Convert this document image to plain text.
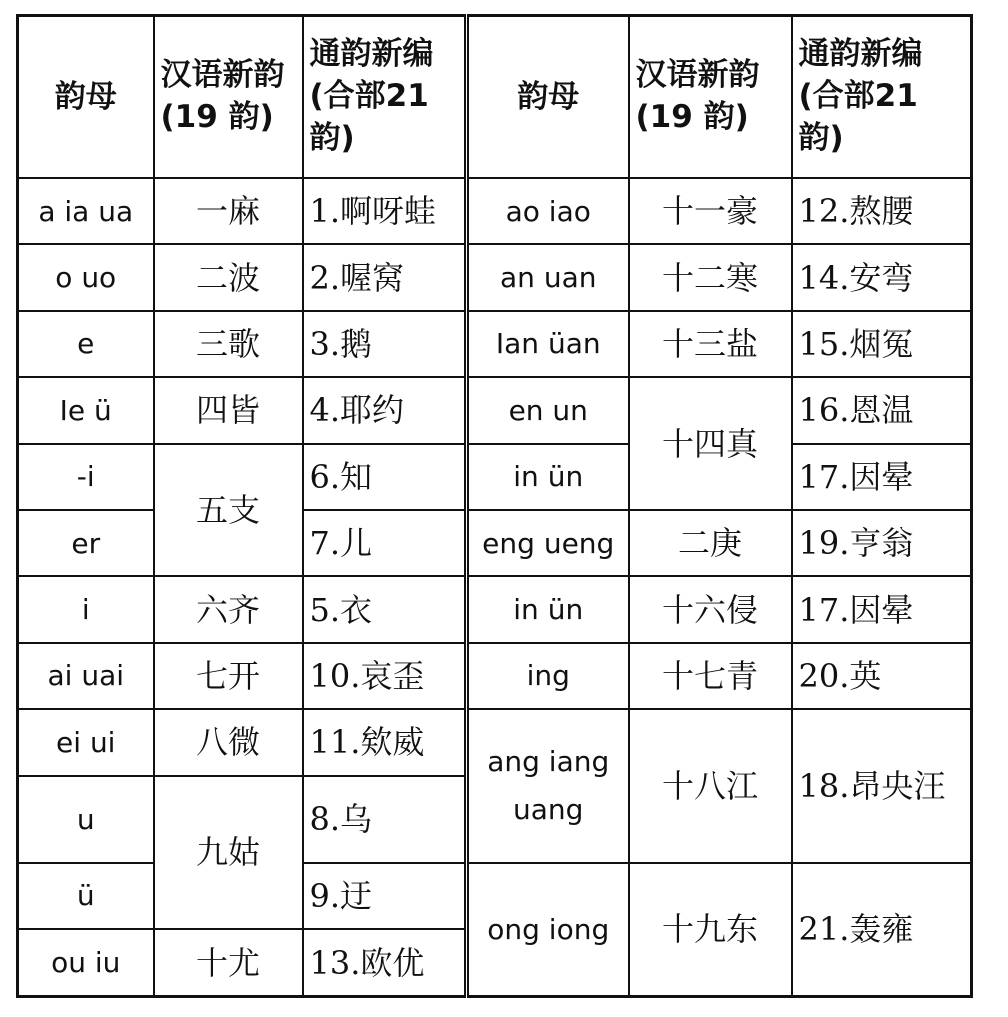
韵母	汉语新韵(19 韵)	通韵新编(合部21 韵)	韵母	汉语新韵(19 韵)	通韵新编(合部21 韵)
a ia ua	一麻	1.啊呀蛙	ao iao	十一豪	12.熬腰
o uo	二波	2.喔窝	an uan	十二寒	14.安弯
e	三歌	3.鹅	Ian üan	十三盐	15.烟冤
Ie ü	四皆	4.耶约	en un	十四真	16.恩温
-i	五支	6.知	in ün		17.因晕
er		7.儿	eng ueng	二庚	19.亨翁
i	六齐	5.衣	in ün	十六侵	17.因晕
ai uai	七开	10.哀歪	ing	十七青	20.英
ei ui	八微	11.欸威	ang iang uang	十八江	18.昂央汪
u	九姑	8.乌			
ü		9.迂	ong iong	十九东	21.轰雍
ou iu	十尤	13.欧优			
